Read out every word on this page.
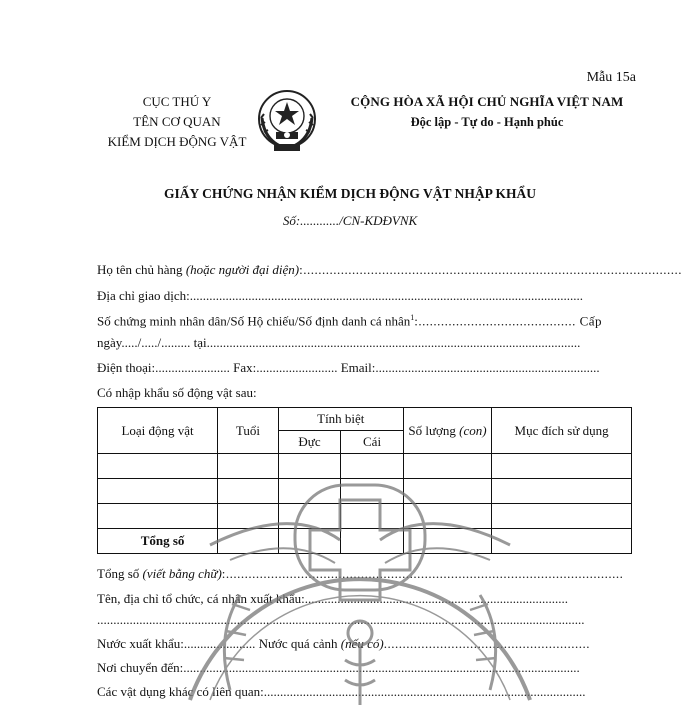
Mẫu 15a
CỤC THÚ Y
TÊN CƠ QUAN
KIỂM DỊCH ĐỘNG VẬT
CỘNG HÒA XÃ HỘI CHỦ NGHĨA VIỆT NAM
Độc lập - Tự do - Hạnh phúc
GIẤY CHỨNG NHẬN KIỂM DỊCH ĐỘNG VẬT NHẬP KHẨU
Số:............/CN-KDĐVNK
Họ tên chủ hàng (hoặc người đại diện):.....................................................................................................
Địa chỉ giao dịch:.........................................................................................................................
Số chứng minh nhân dân/Số Hộ chiếu/Số định danh cá nhân$^1$:.......................................... Cấp
ngày...../...../......... tại...................................................................................................................
Điện thoại:....................... Fax:......................... Email:.....................................................................
Có nhập khẩu số động vật sau:
Loại động vật	Tuổi	Tính biệt		Số lượng (con)	Mục đích sử dụng
		Đực	Cái		

Tổng số					
Tổng số (viết bằng chữ):..........................................................................................................
Tên, địa chỉ tổ chức, cá nhân xuất khẩu:.................................................................................
......................................................................................................................................................
Nước xuất khẩu:...................... Nước quá cảnh (nếu có).......................................................
Nơi chuyển đến:..........................................................................................................................
Các vật dụng khác có liên quan:...................................................................................................
